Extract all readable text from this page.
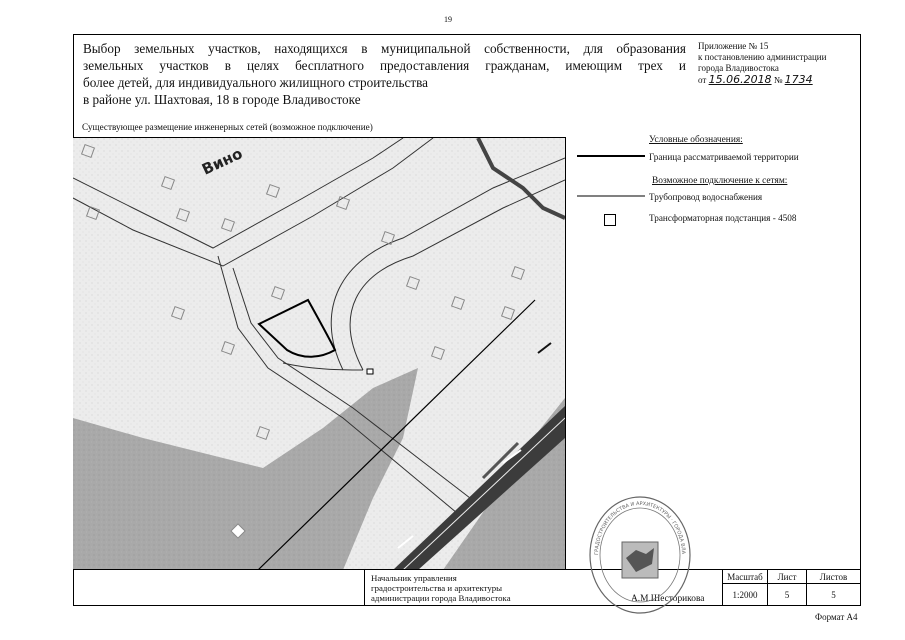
19
Выбор земельных участков, находящихся в муниципальной собственности, для образования
земельных участков в целях бесплатного предоставления гражданам, имеющим трех и
более детей, для индивидуального жилищного строительства
в районе ул. Шахтовая, 18 в городе Владивостоке
Приложение № 15
к постановлению администрации
города Владивостока
от 15.06.2018 № 1734
Существующее размещение инженерных сетей (возможное подключение)
Вино
Условные обозначения:
Граница рассматриваемой территории
Возможное подключение к сетям:
Трубопровод водоснабжения
Трансформаторная подстанция - 4508
Начальник управления
градостроительства и архитектуры
администрации города Владивостока	А.М.Шесторикова
ГРАДОСТРОИТЕЛЬСТВА И АРХИТЕКТУРЫ · ГОРОДА ВЛА
Масштаб	Лист	Листов
1:2000	5	5
Формат А4
